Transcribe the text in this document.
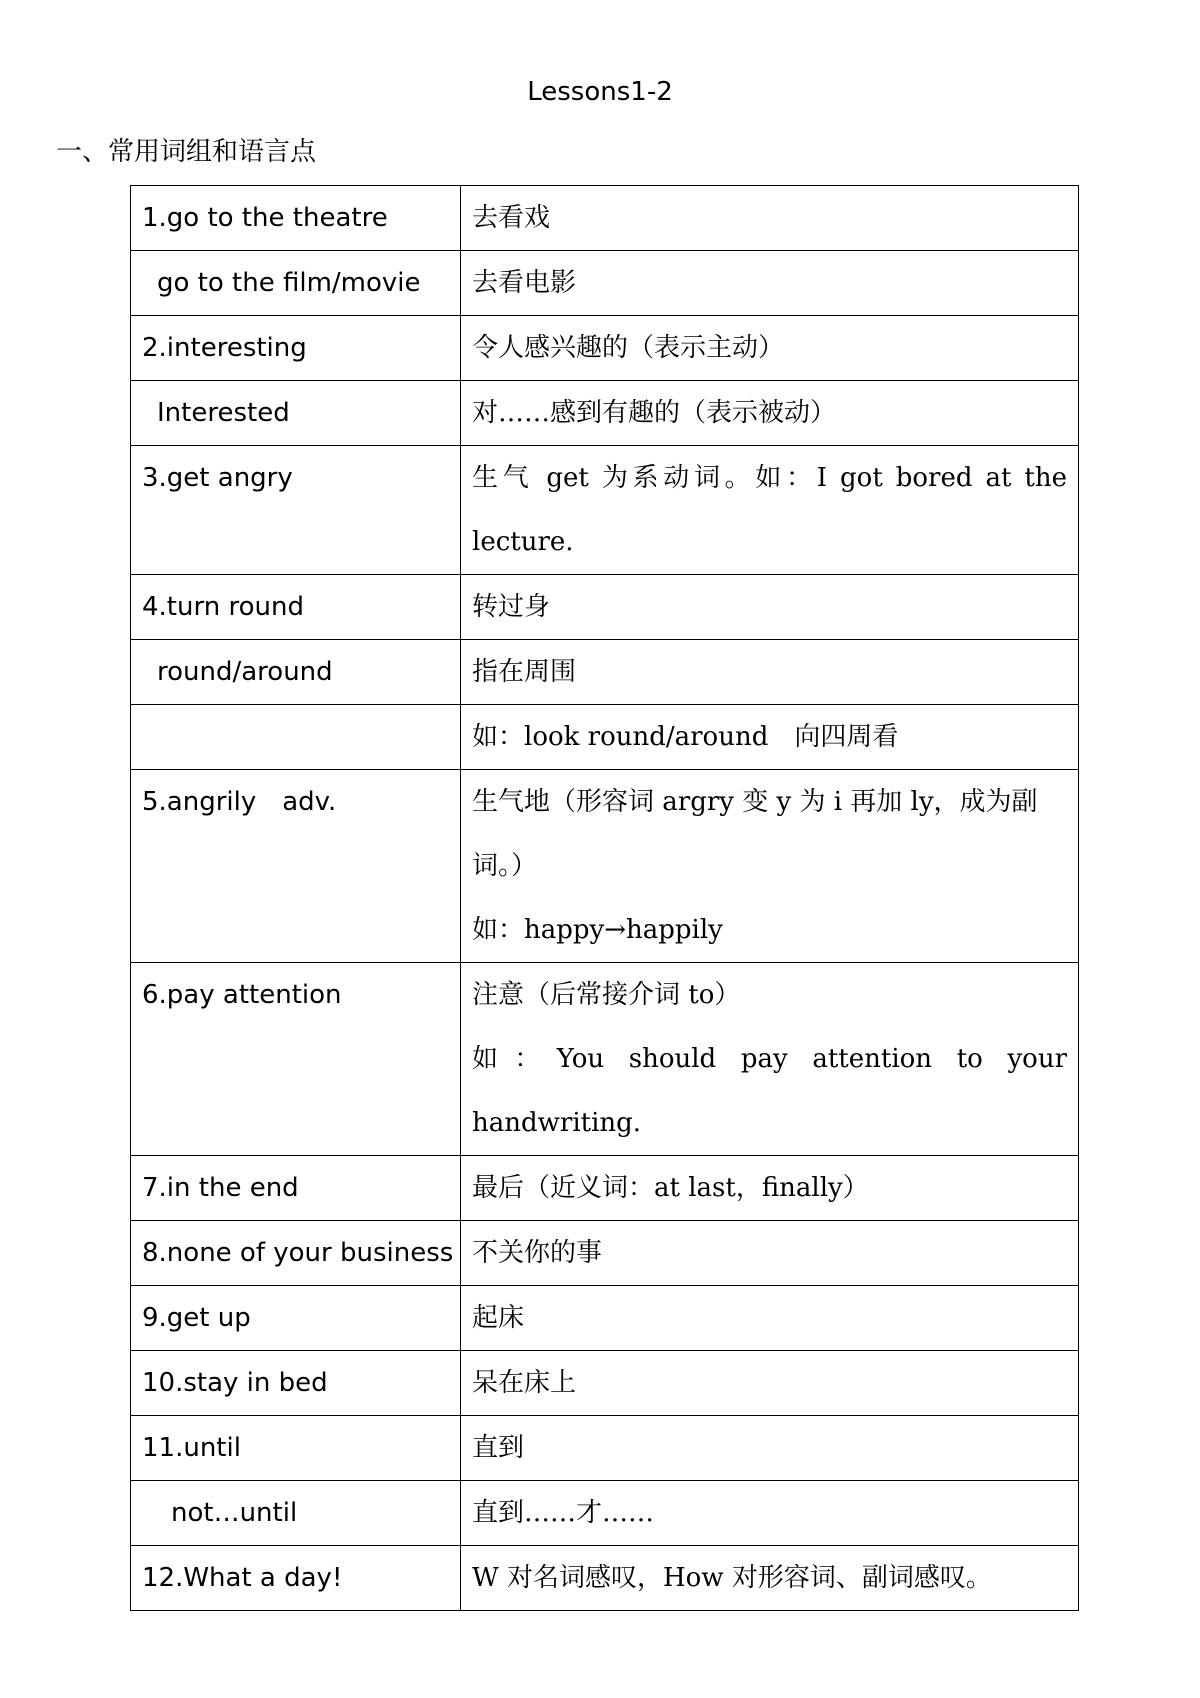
Lessons1-2
一、常用词组和语言点
1.go to the theatre	去看戏
go to the film/movie	去看电影
2.interesting	令人感兴趣的（表示主动）
Interested	对……感到有趣的（表示被动）
3.get angry	生气 get 为系动词。如：I got bored at the lecture.
4.turn round	转过身
round/around	指在周围
	如：look round/around　向四周看
5.angrily　adv.	生气地（形容词 argry 变 y 为 i 再加 ly，成为副词。）
如：happy→happily

6.pay attention	注意（后常接介词 to）
如：You should pay attention to your handwriting.

7.in the end	最后（近义词：at last，finally）
8.none of your business	不关你的事
9.get up	起床
10.stay in bed	呆在床上
11.until	直到
not…until	直到……才……
12.What a day!	W 对名词感叹，How 对形容词、副词感叹。
